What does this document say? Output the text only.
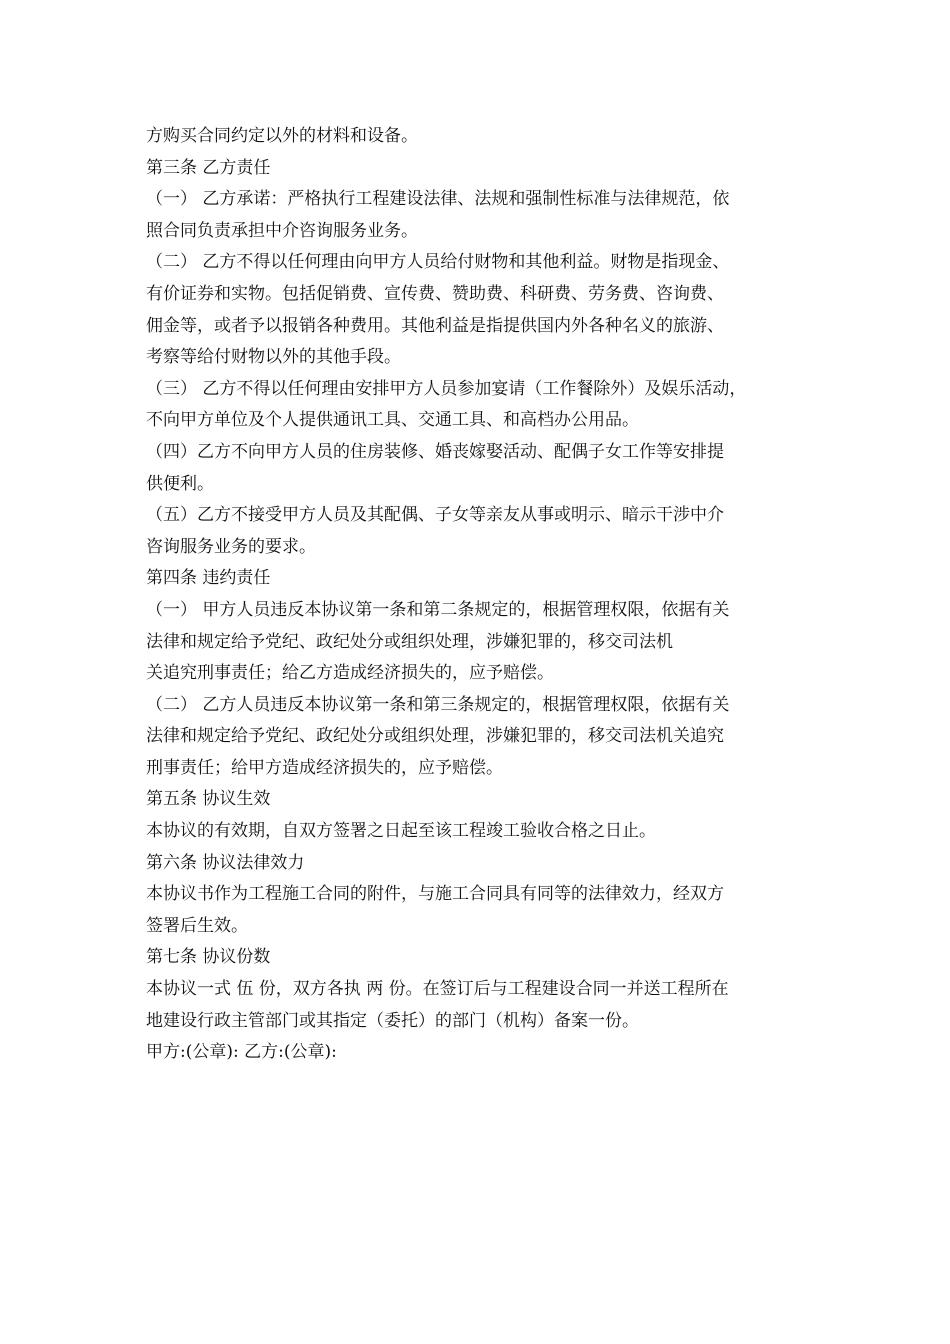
方购买合同约定以外的材料和设备。
第三条 乙方责任
（一） 乙方承诺：严格执行工程建设法律、法规和强制性标准与法律规范，依
照合同负责承担中介咨询服务业务。
（二） 乙方不得以任何理由向甲方人员给付财物和其他利益。财物是指现金、
有价证券和实物。包括促销费、宣传费、赞助费、科研费、劳务费、咨询费、
佣金等，或者予以报销各种费用。其他利益是指提供国内外各种名义的旅游、
考察等给付财物以外的其他手段。
（三） 乙方不得以任何理由安排甲方人员参加宴请（工作餐除外）及娱乐活动，
不向甲方单位及个人提供通讯工具、交通工具、和高档办公用品。
（四）乙方不向甲方人员的住房装修、婚丧嫁娶活动、配偶子女工作等安排提
供便利。
（五）乙方不接受甲方人员及其配偶、子女等亲友从事或明示、暗示干涉中介
咨询服务业务的要求。
第四条 违约责任
（一） 甲方人员违反本协议第一条和第二条规定的，根据管理权限，依据有关
法律和规定给予党纪、政纪处分或组织处理，涉嫌犯罪的，移交司法机
关追究刑事责任；给乙方造成经济损失的，应予赔偿。
（二） 乙方人员违反本协议第一条和第三条规定的，根据管理权限，依据有关
法律和规定给予党纪、政纪处分或组织处理，涉嫌犯罪的，移交司法机关追究
刑事责任；给甲方造成经济损失的，应予赔偿。
第五条 协议生效
本协议的有效期，自双方签署之日起至该工程竣工验收合格之日止。
第六条 协议法律效力
本协议书作为工程施工合同的附件，与施工合同具有同等的法律效力，经双方
签署后生效。
第七条 协议份数
本协议一式 伍 份，双方各执 两 份。在签订后与工程建设合同一并送工程所在
地建设行政主管部门或其指定（委托）的部门（机构）备案一份。
甲方:(公章): 乙方:(公章):
